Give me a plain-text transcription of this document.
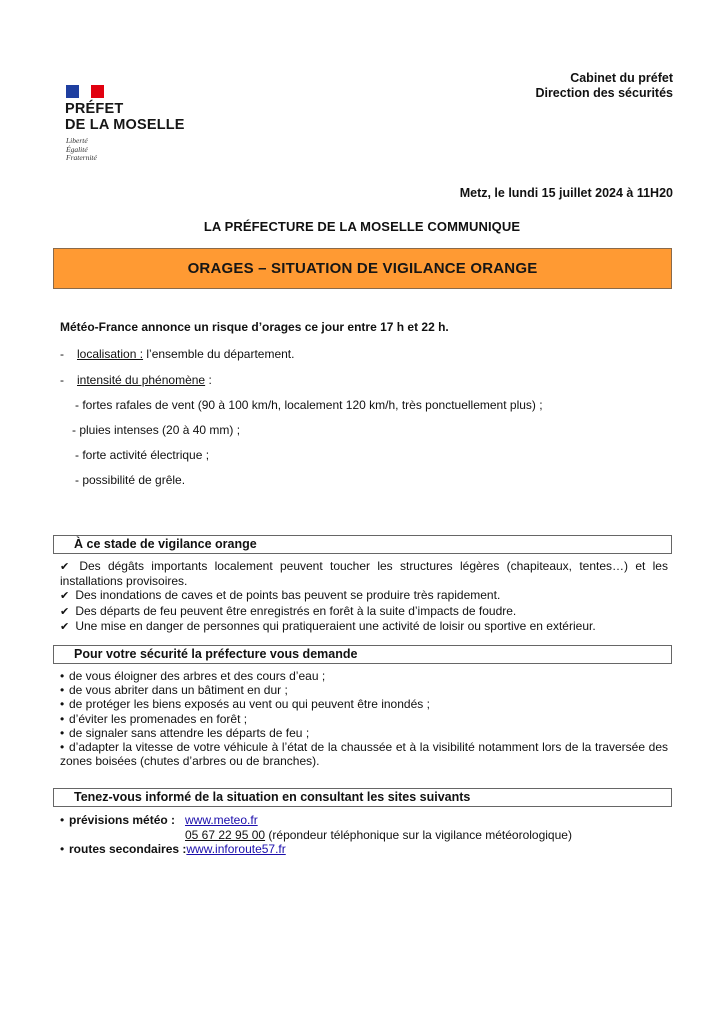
PRÉFET
DE LA MOSELLE
Liberté
Égalité
Fraternité
Cabinet du préfet
Direction des sécurités
Metz, le lundi 15 juillet 2024 à 11H20
LA PRÉFECTURE DE LA MOSELLE COMMUNIQUE
ORAGES – SITUATION DE VIGILANCE ORANGE
Météo-France annonce un risque d’orages ce jour entre 17 h et 22 h.
- localisation : l’ensemble du département.
- intensité du phénomène :
- fortes rafales de vent (90 à 100 km/h, localement 120 km/h, très ponctuellement plus) ;
- pluies intenses (20 à 40 mm) ;
- forte activité électrique ;
- possibilité de grêle.
À ce stade de vigilance orange
✔ Des dégâts importants localement peuvent toucher les structures légères (chapiteaux, tentes…) et les installations provisoires.
✔ Des inondations de caves et de points bas peuvent se produire très rapidement.
✔ Des départs de feu peuvent être enregistrés en forêt à la suite d’impacts de foudre.
✔ Une mise en danger de personnes qui pratiqueraient une activité de loisir ou sportive en extérieur.
Pour votre sécurité la préfecture vous demande
• de vous éloigner des arbres et des cours d’eau ;
• de vous abriter dans un bâtiment en dur ;
• de protéger les biens exposés au vent ou qui peuvent être inondés ;
• d’éviter les promenades en forêt ;
• de signaler sans attendre les départs de feu ;
• d’adapter la vitesse de votre véhicule à l’état de la chaussée et à la visibilité notamment lors de la traversée des zones boisées (chutes d’arbres ou de branches).
Tenez-vous informé de la situation en consultant les sites suivants
• prévisions météo : www.meteo.fr
05 67 22 95 00 (répondeur téléphonique sur la vigilance météorologique)
• routes secondaires :www.inforoute57.fr
